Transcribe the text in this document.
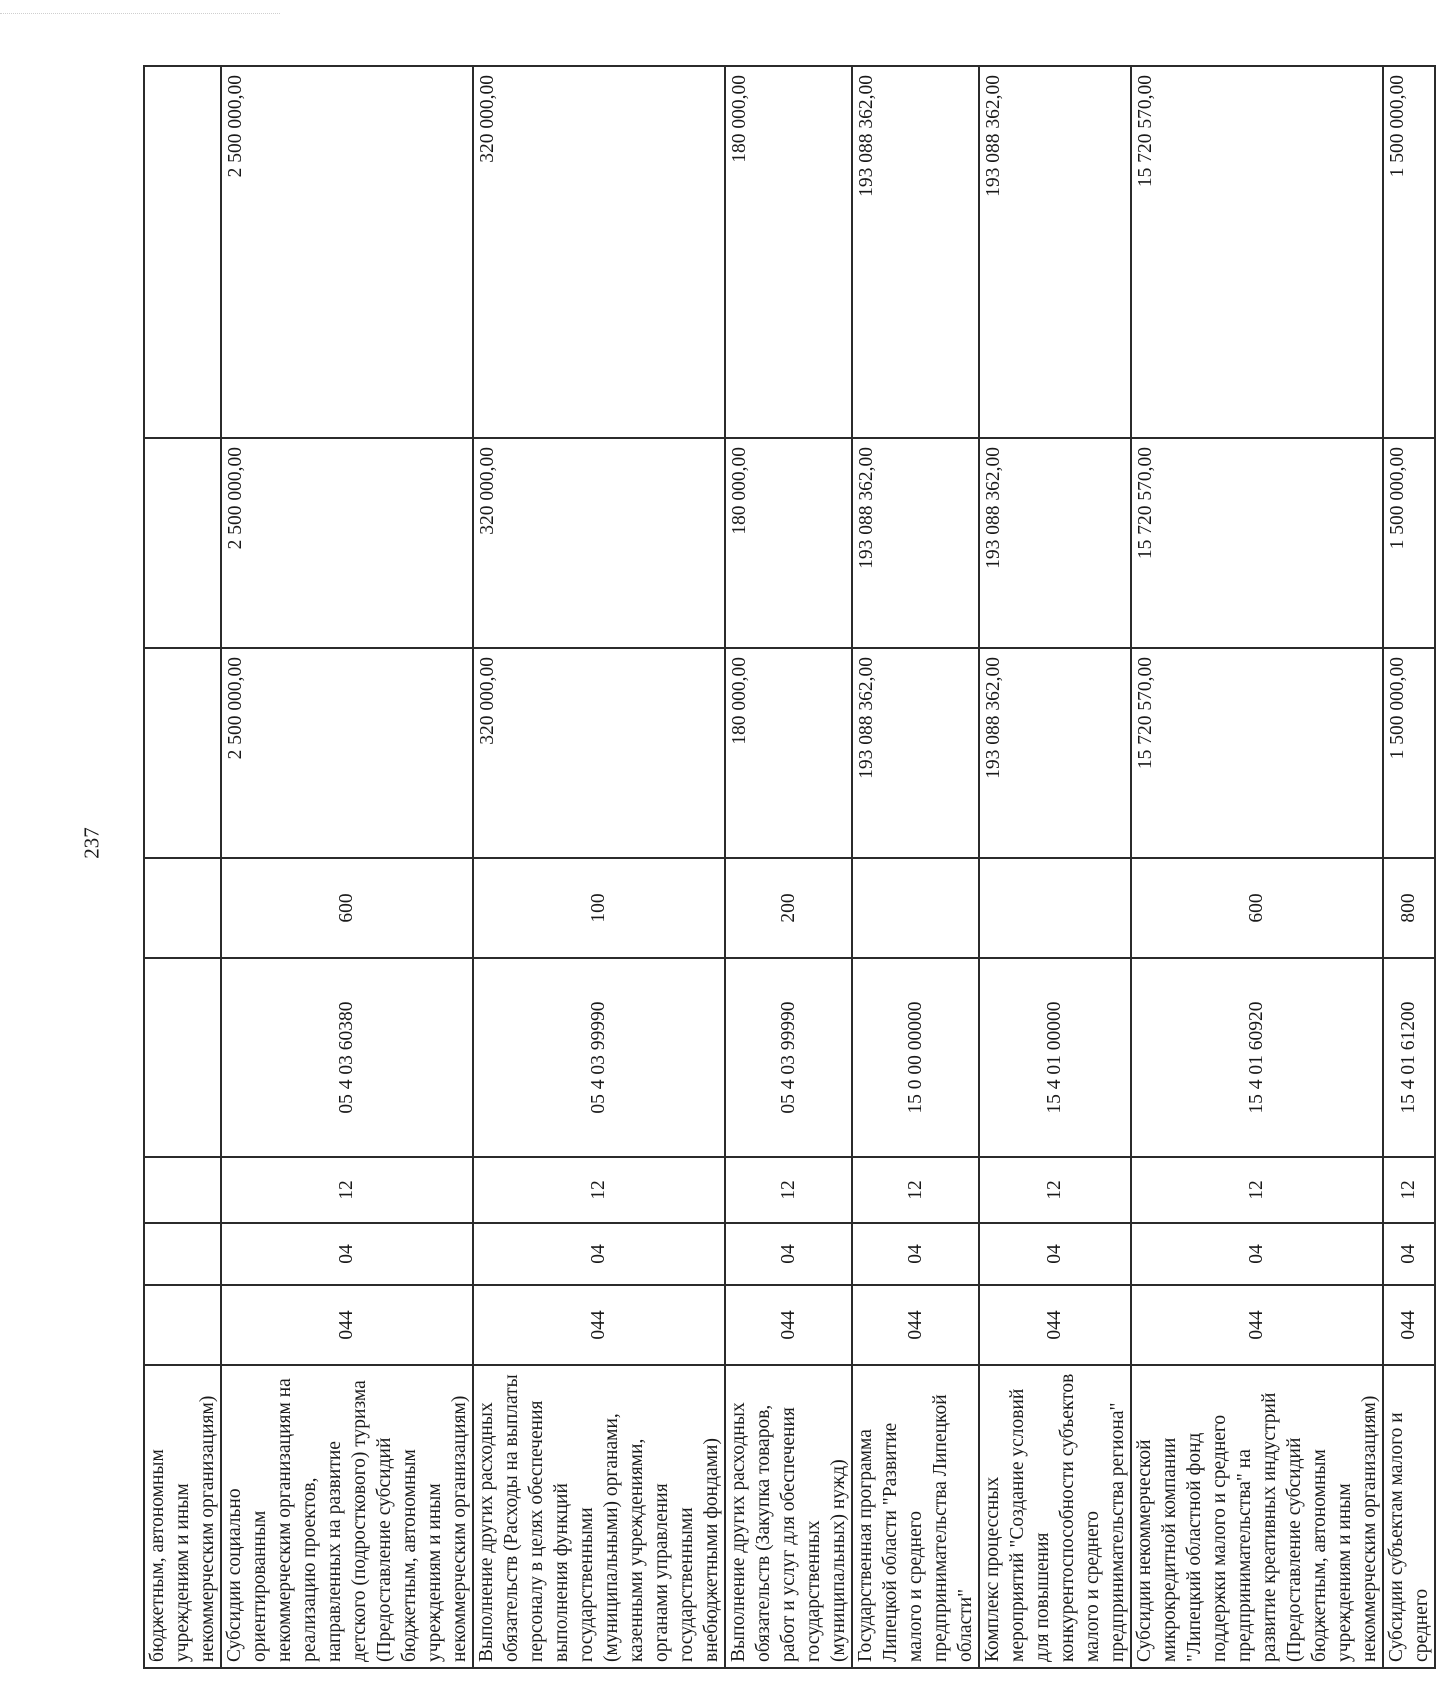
237
бюджетным, автономным учреждениям и иным некоммерческим организациям)								
Субсидии социально ориентированным некоммерческим организациям на реализацию проектов, направленных на развитие детского (подросткового) туризма (Предоставление субсидий бюджетным, автономным учреждениям и иным некоммерческим организациям)	044	04	12	05 4 03 60380	600	2 500 000,00	2 500 000,00	2 500 000,00
Выполнение других расходных обязательств (Расходы на выплаты персоналу в целях обеспечения выполнения функций государственными (муниципальными) органами, казенными учреждениями, органами управления государственными внебюджетными фондами)	044	04	12	05 4 03 99990	100	320 000,00	320 000,00	320 000,00
Выполнение других расходных обязательств (Закупка товаров, работ и услуг для обеспечения государственных (муниципальных) нужд)	044	04	12	05 4 03 99990	200	180 000,00	180 000,00	180 000,00
Государственная программа Липецкой области "Развитие малого и среднего предпринимательства Липецкой области"	044	04	12	15 0 00 00000		193 088 362,00	193 088 362,00	193 088 362,00
Комплекс процессных мероприятий "Создание условий для повышения конкурентоспособности субъектов малого и среднего предпринимательства региона"	044	04	12	15 4 01 00000		193 088 362,00	193 088 362,00	193 088 362,00
Субсидии некоммерческой микрокредитной компании "Липецкий областной фонд поддержки малого и среднего предпринимательства" на развитие креативных индустрий (Предоставление субсидий бюджетным, автономным учреждениям и иным некоммерческим организациям)	044	04	12	15 4 01 60920	600	15 720 570,00	15 720 570,00	15 720 570,00
Субсидии субъектам малого и среднего	044	04	12	15 4 01 61200	800	1 500 000,00	1 500 000,00	1 500 000,00
